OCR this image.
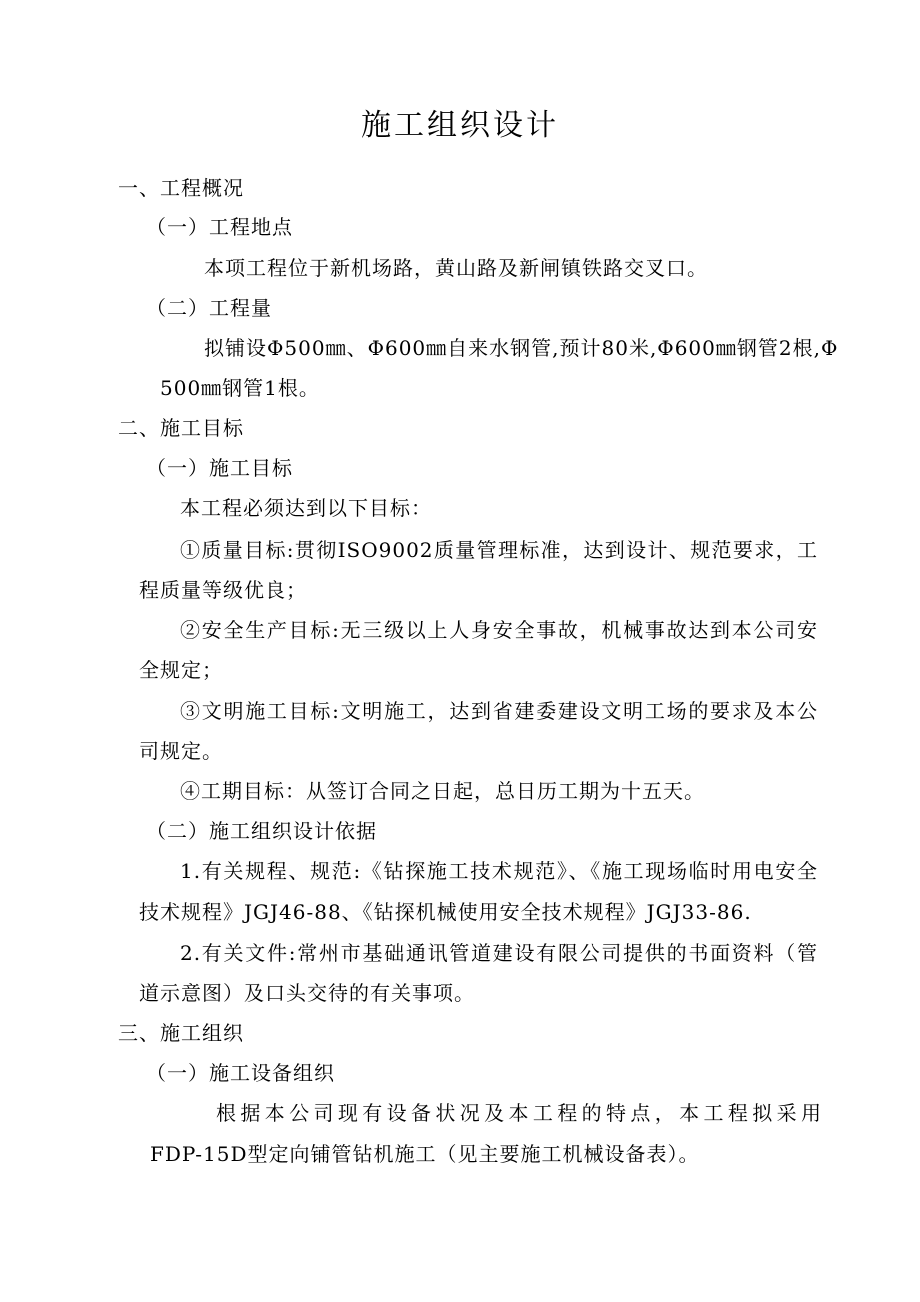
施工组织设计
一、工程概况
（一）工程地点
本项工程位于新机场路，黄山路及新闸镇铁路交叉口。
（二）工程量
拟铺设Φ500㎜、Φ600㎜自来水钢管,预计80米,Φ600㎜钢管2根,Φ
500㎜钢管1根。
二、施工目标
（一）施工目标
本工程必须达到以下目标：
①质量目标:贯彻ISO9002质量管理标准，达到设计、规范要求，工
程质量等级优良；
②安全生产目标:无三级以上人身安全事故，机械事故达到本公司安
全规定；
③文明施工目标:文明施工，达到省建委建设文明工场的要求及本公
司规定。
④工期目标：从签订合同之日起，总日历工期为十五天。
（二）施工组织设计依据
1.有关规程、规范:《钻探施工技术规范》、《施工现场临时用电安全
技术规程》JGJ46-88、《钻探机械使用安全技术规程》JGJ33-86.
2.有关文件:常州市基础通讯管道建设有限公司提供的书面资料（管
道示意图）及口头交待的有关事项。
三、施工组织
（一）施工设备组织
根据本公司现有设备状况及本工程的特点，本工程拟采用
FDP-15D型定向铺管钻机施工（见主要施工机械设备表）。
